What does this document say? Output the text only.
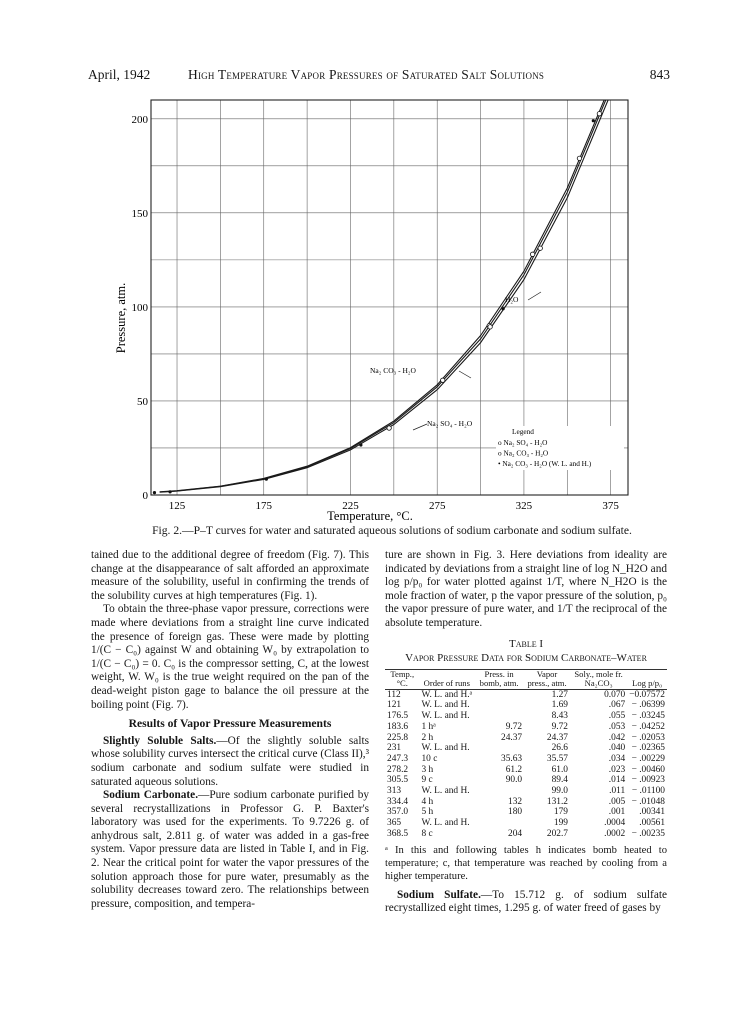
April, 1942	High Temperature Vapor Pressures of Saturated Salt Solutions	843
125	175	225	275	325	375
0
50
100
150
200
H₂O
Na₂ CO₃ - H₂O
Na₂ SO₄ - H₂O
Legend
o Na₂ SO₄ - H₂O
o Na₂ CO₃ - H₂O
• Na₂ CO₃ - H₂O (W. L. and H.)
Temperature, °C.
Pressure, atm.
Fig. 2.—P–T curves for water and saturated aqueous solutions of sodium carbonate and sodium sulfate.

tained due to the additional degree of freedom (Fig. 7). This change at the disappearance of salt afforded an approximate measure of the solubility, useful in confirming the trends of the solubility curves at high temperatures (Fig. 1).

To obtain the three-phase vapor pressure, corrections were made where deviations from a straight line curve indicated the presence of foreign gas. These were made by plotting 1/(C − C₀) against W and obtaining W₀ by extrapolation to 1/(C − C₀) = 0. C₀ is the compressor setting, C, at the lowest weight, W. W₀ is the true weight required on the pan of the dead-weight piston gage to balance the oil pressure at the boiling point (Fig. 7).

Results of Vapor Pressure Measurements

Slightly Soluble Salts.—Of the slightly soluble salts whose solubility curves intersect the critical curve (Class II),³ sodium carbonate and sodium sulfate were studied in saturated aqueous solutions.

Sodium Carbonate.—Pure sodium carbonate purified by several recrystallizations in Professor G. P. Baxter's laboratory was used for the experiments. To 9.7226 g. of anhydrous salt, 2.811 g. of water was added in a gas-free system. Vapor pressure data are listed in Table I, and in Fig. 2. Near the critical point for water the vapor pressures of the solution approach those for pure water, presumably as the solubility decreases toward zero. The relationships between pressure, composition, and tempera-

ture are shown in Fig. 3. Here deviations from ideality are indicated by deviations from a straight line of log N_H2O and log p/p₀ for water plotted against 1/T, where N_H2O is the mole fraction of water, p the vapor pressure of the solution, p₀ the vapor pressure of pure water, and 1/T the reciprocal of the absolute temperature.

Table I
Vapor Pressure Data for Sodium Carbonate–Water
Temp., °C.	Order of runs	Press. in bomb, atm.	Vapor press., atm.	Soly., mole fr. Na₂CO₃	Log p/p₀
112	W. L. and H.ᵃ		1.27	0.070	−0.07572
121	W. L. and H.		1.69	.067	− .06399
176.5	W. L. and H.		8.43	.055	− .03245
183.6	1 hᵃ	9.72	9.72	.053	− .04252
225.8	2 h	24.37	24.37	.042	− .02053
231	W. L. and H.		26.6	.040	− .02365
247.3	10 c	35.63	35.57	.034	− .00229
278.2	3 h	61.2	61.0	.023	− .00460
305.5	9 c	90.0	89.4	.014	− .00923
313	W. L. and H.		99.0	.011	− .01100
334.4	4 h	132	131.2	.005	− .01048
357.0	5 h	180	179	.001	.00341
365	W. L. and H.		199	.0004	.00561
368.5	8 c	204	202.7	.0002	− .00235
ᵃ In this and following tables h indicates bomb heated to temperature; c, that temperature was reached by cooling from a higher temperature.

Sodium Sulfate.—To 15.712 g. of sodium sulfate recrystallized eight times, 1.295 g. of water freed of gases by
